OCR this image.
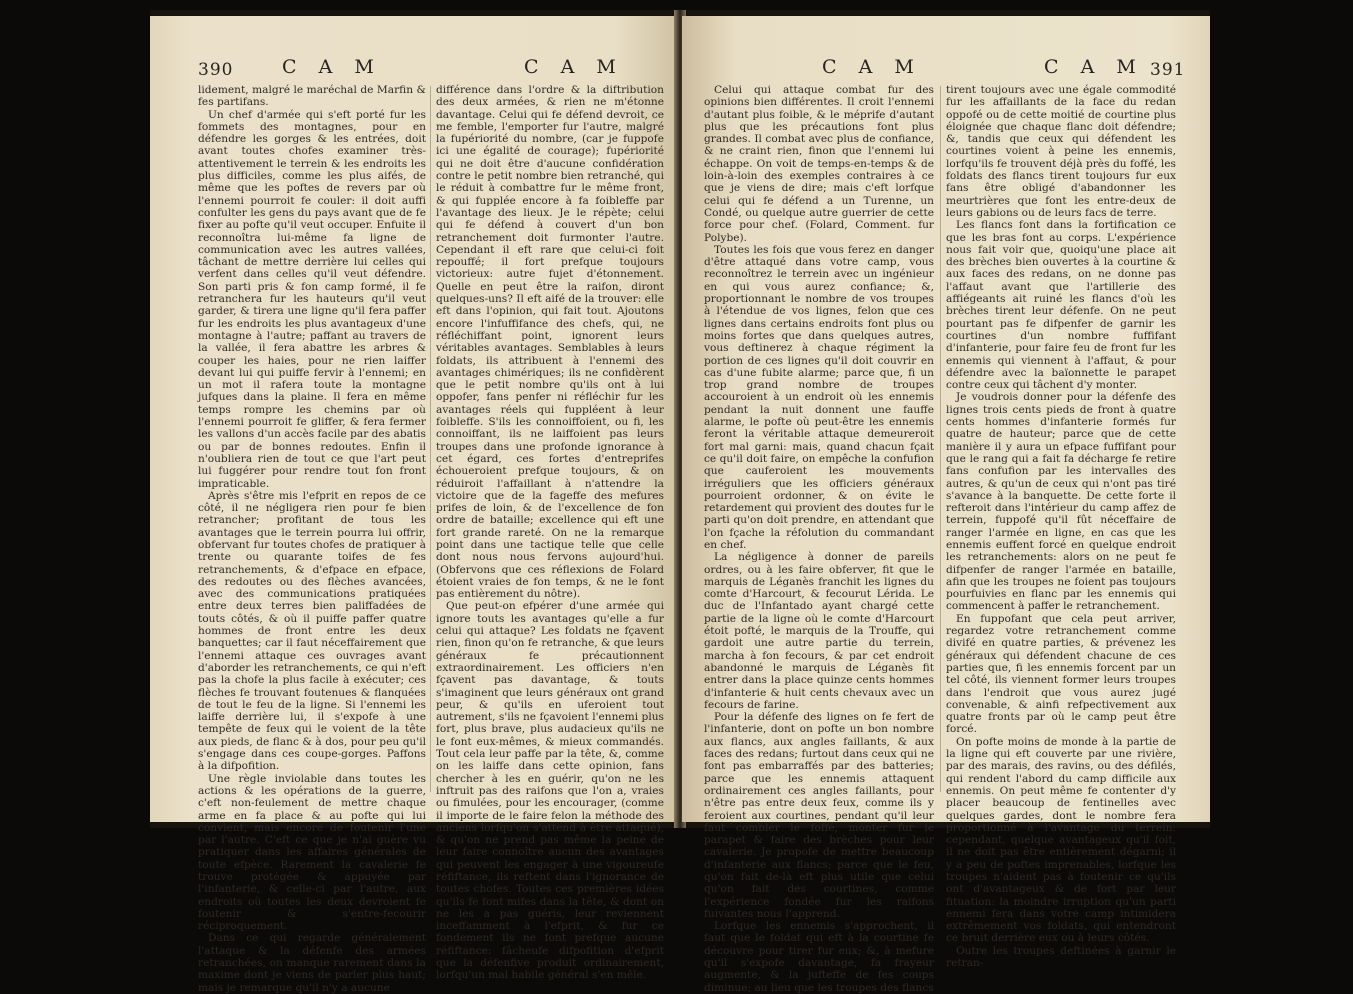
390	C A M	C A M

lidement, malgré le maréchal de Marfin & fes partifans.

Un chef d'armée qui s'eft porté fur les fommets des montagnes, pour en défendre les gorges & les entrées, doit avant toutes chofes examiner très-attentivement le terrein & les endroits les plus difficiles, comme les plus aifés, de même que les poftes de revers par où l'ennemi pourroit fe couler: il doit auffi confulter les gens du pays avant que de fe fixer au pofte qu'il veut occuper. Enfuite il reconnoîtra lui-même fa ligne de communication avec les autres vallées, tâchant de mettre derrière lui celles qui verfent dans celles qu'il veut défendre. Son parti pris & fon camp formé, il fe retranchera fur les hauteurs qu'il veut garder, & tirera une ligne qu'il fera paffer fur les endroits les plus avantageux d'une montagne à l'autre; paffant au travers de la vallée, il fera abattre les arbres & couper les haies, pour ne rien laiffer devant lui qui puiffe fervir à l'ennemi; en un mot il rafera toute la montagne jufques dans la plaine. Il fera en même temps rompre les chemins par où l'ennemi pourroit fe gliffer, & fera fermer les vallons d'un accès facile par des abatis ou par de bonnes redoutes. Enfin il n'oubliera rien de tout ce que l'art peut lui fuggérer pour rendre tout fon front impraticable.

Après s'être mis l'efprit en repos de ce côté, il ne négligera rien pour fe bien retrancher; profitant de tous les avantages que le terrein pourra lui offrir, obfervant fur toutes chofes de pratiquer à trente ou quarante toifes de fes retranchements, & d'efpace en efpace, des redoutes ou des flèches avancées, avec des communications pratiquées entre deux terres bien paliffadées de touts côtés, & où il puiffe paffer quatre hommes de front entre les deux banquettes; car il faut néceffairement que l'ennemi attaque ces ouvrages avant d'aborder les retranchements, ce qui n'eft pas la chofe la plus facile à exécuter; ces flèches fe trouvant foutenues & flanquées de tout le feu de la ligne. Si l'ennemi les laiffe derrière lui, il s'expofe à une tempête de feux qui le voient de la tête aux pieds, de flanc & à dos, pour peu qu'il s'engage dans ces coupe-gorges. Paffons à la difpofition.

Une règle inviolable dans toutes les actions & les opérations de la guerre, c'eft non-feulement de mettre chaque arme en fa place & au pofte qui lui convient, mais encore de foutenir l'une par l'autre. C'eft ce que je n'ai guère vu pratiquer dans les affaires générales de toute efpèce. Rarement la cavalerie fe trouve protégée & appuyée par l'infanterie, & celle-ci par l'autre, aux endroits où toutes les deux devroient fe foutenir & s'entre-fecourir réciproquement.

Dans ce qui regarde généralement l'attaque & la défenfe des armées retranchées, on manque rarement dans la maxime dont je viens de parler plus haut; mais je remarque qu'il n'y a aucune

différence dans l'ordre & la diftribution des deux armées, & rien ne m'étonne davantage. Celui qui fe défend devroit, ce me femble, l'emporter fur l'autre, malgré la fupériorité du nombre, (car je fuppofe ici une égalité de courage); fupériorité qui ne doit être d'aucune confidération contre le petit nombre bien retranché, qui le réduit à combattre fur le même front, & qui fupplée encore à fa foibleffe par l'avantage des lieux. Je le répète; celui qui fe défend à couvert d'un bon retranchement doit furmonter l'autre. Cependant il eft rare que celui-ci foit repouffé; il fort prefque toujours victorieux: autre fujet d'étonnement. Quelle en peut être la raifon, diront quelques-uns? Il eft aifé de la trouver: elle eft dans l'opinion, qui fait tout. Ajoutons encore l'infuffifance des chefs, qui, ne réfléchiffant point, ignorent leurs véritables avantages. Semblables à leurs foldats, ils attribuent à l'ennemi des avantages chimériques; ils ne confidèrent que le petit nombre qu'ils ont à lui oppofer, fans penfer ni réfléchir fur les avantages réels qui fuppléent à leur foibleffe. S'ils les connoiffoient, ou fi, les connoiffant, ils ne laiffoient pas leurs troupes dans une profonde ignorance à cet égard, ces fortes d'entreprifes échoueroient prefque toujours, & on réduiroit l'affaillant à n'attendre la victoire que de la fageffe des mefures prifes de loin, & de l'excellence de fon ordre de bataille; excellence qui eft une fort grande rareté. On ne la remarque point dans une tactique telle que celle dont nous nous fervons aujourd'hui. (Obfervons que ces réflexions de Folard étoient vraies de fon temps, & ne le font pas entièrement du nôtre).

Que peut-on efpérer d'une armée qui ignore touts les avantages qu'elle a fur celui qui attaque? Les foldats ne fçavent rien, finon qu'on fe retranche, & que leurs généraux fe précautionnent extraordinairement. Les officiers n'en fçavent pas davantage, & touts s'imaginent que leurs généraux ont grand peur, & qu'ils en uferoient tout autrement, s'ils ne fçavoient l'ennemi plus fort, plus brave, plus audacieux qu'ils ne le font eux-mêmes, & mieux commandés. Tout cela leur paffe par la tête, &, comme on les laiffe dans cette opinion, fans chercher à les en guérir, qu'on ne les inftruit pas des raifons que l'on a, vraies ou fimulées, pour les encourager, (comme il importe de le faire felon la méthode des anciens lorfqu'on s'attend à être attaqué), & qu'on ne prend pas même la peine de leur faire connoître aucun des avantages qui peuvent les engager à une vigoureufe réfiftance, ils reftent dans l'ignorance de toutes chofes. Toutes ces premières idées qu'ils fe font mifes dans la tête, & dont on ne les a pas guéris, leur reviennent inceffamment à l'efprit, & fur ce fondement ils ne font prefque aucune réfiftance: fâcheufe difpofition d'efprit que la défenfive produit ordinairement, lorfqu'un mal habile général s'en mêle.

C A M	C A M 391

Celui qui attaque combat fur des opinions bien différentes. Il croit l'ennemi d'autant plus foible, & le méprife d'autant plus que les précautions font plus grandes. Il combat avec plus de confiance, & ne craint rien, finon que l'ennemi lui échappe. On voit de temps-en-temps & de loin-à-loin des exemples contraires à ce que je viens de dire; mais c'eft lorfque celui qui fe défend a un Turenne, un Condé, ou quelque autre guerrier de cette force pour chef. (Folard, Comment. fur Polybe).

Toutes les fois que vous ferez en danger d'être attaqué dans votre camp, vous reconnoîtrez le terrein avec un ingénieur en qui vous aurez confiance; &, proportionnant le nombre de vos troupes à l'étendue de vos lignes, felon que ces lignes dans certains endroits font plus ou moins fortes que dans quelques autres, vous deftinerez à chaque régiment la portion de ces lignes qu'il doit couvrir en cas d'une fubite alarme; parce que, fi un trop grand nombre de troupes accouroient à un endroit où les ennemis pendant la nuit donnent une fauffe alarme, le pofte où peut-être les ennemis feront la véritable attaque demeureroit fort mal garni: mais, quand chacun fçait ce qu'il doit faire, on empêche la confufion que cauferoient les mouvements irréguliers que les officiers généraux pourroient ordonner, & on évite le retardement qui provient des doutes fur le parti qu'on doit prendre, en attendant que l'on fçache la réfolution du commandant en chef.

La négligence à donner de pareils ordres, ou à les faire obferver, fit que le marquis de Léganès franchit les lignes du comte d'Harcourt, & fecourut Lérida. Le duc de l'Infantado ayant chargé cette partie de la ligne où le comte d'Harcourt étoit pofté, le marquis de la Trouffe, qui gardoit une autre partie du terrein, marcha à fon fecours, & par cet endroit abandonné le marquis de Léganès fit entrer dans la place quinze cents hommes d'infanterie & huit cents chevaux avec un fecours de farine.

Pour la défenfe des lignes on fe fert de l'infanterie, dont on pofte un bon nombre aux flancs, aux angles faillants, & aux faces des redans; furtout dans ceux qui ne font pas embarraffés par des batteries; parce que les ennemis attaquent ordinairement ces angles faillants, pour n'être pas entre deux feux, comme ils y feroient aux courtines, pendant qu'il leur faut combler le foffé, monter fur le parapet & faire des brèches pour leur cavalerie. Je propofe de mettre beaucoup d'infanterie aux flancs; parce que le feu, qu'on fait de-là eft plus utile que celui qu'on fait des courtines, comme l'expérience fondée fur les raifons fuivantes nous l'apprend.

Lorfque les ennemis s'approchent, il faut que le foldat qui eft à la courtine fe découvre pour tirer fur eux; &, à mefure qu'il s'expofe davantage, fa frayeur augmente, & la jufteffe de fes coups diminue; au lieu que les troupes des flancs

tirent toujours avec une égale commodité fur les affaillants de la face du redan oppofé ou de cette moitié de courtine plus éloignée que chaque flanc doit défendre; &, tandis que ceux qui défendent les courtines voient à peine les ennemis, lorfqu'ils fe trouvent déjà près du foffé, les foldats des flancs tirent toujours fur eux fans être obligé d'abandonner les meurtrières que font les entre-deux de leurs gabions ou de leurs facs de terre.

Les flancs font dans la fortification ce que les bras font au corps. L'expérience nous fait voir que, quoiqu'une place ait des brèches bien ouvertes à la courtine & aux faces des redans, on ne donne pas l'affaut avant que l'artillerie des affiégeants ait ruiné les flancs d'où les brèches tirent leur défenfe. On ne peut pourtant pas fe difpenfer de garnir les courtines d'un nombre fuffifant d'infanterie, pour faire feu de front fur les ennemis qui viennent à l'affaut, & pour défendre avec la baïonnette le parapet contre ceux qui tâchent d'y monter.

Je voudrois donner pour la défenfe des lignes trois cents pieds de front à quatre cents hommes d'infanterie formés fur quatre de hauteur; parce que de cette manière il y aura un efpace fuffifant pour que le rang qui a fait fa décharge fe retire fans confufion par les intervalles des autres, & qu'un de ceux qui n'ont pas tiré s'avance à la banquette. De cette forte il refteroit dans l'intérieur du camp affez de terrein, fuppofé qu'il fût néceffaire de ranger l'armée en ligne, en cas que les ennemis euffent forcé en quelque endroit les retranchements: alors on ne peut fe difpenfer de ranger l'armée en bataille, afin que les troupes ne foient pas toujours pourfuivies en flanc par les ennemis qui commencent à paffer le retranchement.

En fuppofant que cela peut arriver, regardez votre retranchement comme divifé en quatre parties, & prévenez les généraux qui défendent chacune de ces parties que, fi les ennemis forcent par un tel côté, ils viennent former leurs troupes dans l'endroit que vous aurez jugé convenable, & ainfi refpectivement aux quatre fronts par où le camp peut être forcé.

On pofte moins de monde à la partie de la ligne qui eft couverte par une rivière, par des marais, des ravins, ou des défilés, qui rendent l'abord du camp difficile aux ennemis. On peut même fe contenter d'y placer beaucoup de fentinelles avec quelques gardes, dont le nombre fera proportionné à l'avantage du terrein: cependant, quelque avantageux qu'il foit, il ne doit pas être entièrement dégarni; il y a peu de poftes imprenables, lorfque les troupes n'aident pas à foutenir ce qu'ils ont d'avantageux & de fort par leur fituation: la moindre irruption qu'un parti ennemi fera dans votre camp intimidera extrêmement vos foldats, qui entendront ce bruit derrière eux ou à leurs côtés.

Outre les troupes deftinées à garnir le retran-
